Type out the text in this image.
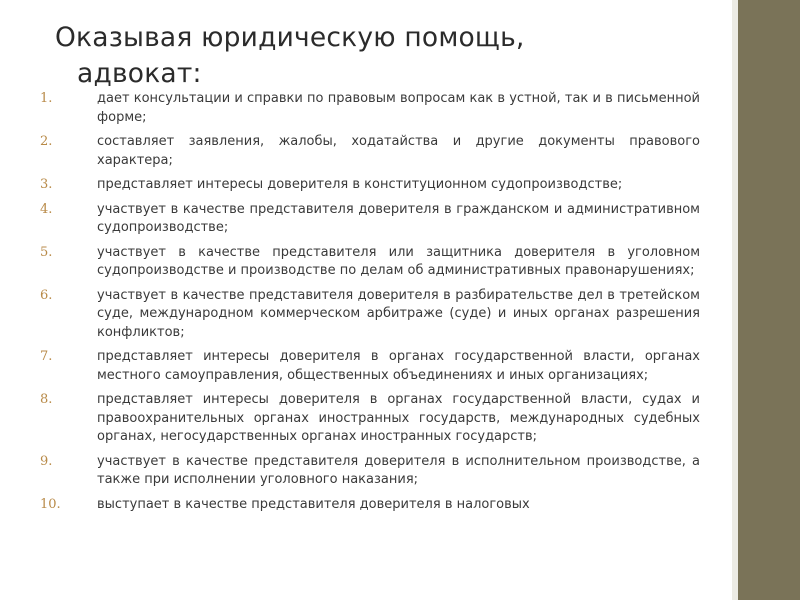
Оказывая юридическую помощь,
адвокат:
1.	дает консультации и справки по правовым вопросам как в устной, так и в письменной форме;
2.	составляет заявления, жалобы, ходатайства и другие документы правового характера;
3.	представляет интересы доверителя в конституционном судопроизводстве;
4.	участвует в качестве представителя доверителя в гражданском и административном судопроизводстве;
5.	участвует в качестве представителя или защитника доверителя в уголовном судопроизводстве и производстве по делам об административных правонарушениях;
6.	участвует в качестве представителя доверителя в разбирательстве дел в третейском суде, международном коммерческом арбитраже (суде) и иных органах разрешения конфликтов;
7.	представляет интересы доверителя в органах государственной власти, органах местного самоуправления, общественных объединениях и иных организациях;
8.	представляет интересы доверителя в органах государственной власти, судах и правоохранительных органах иностранных государств, международных судебных органах, негосударственных органах иностранных государств;
9.	участвует в качестве представителя доверителя в исполнительном производстве, а также при исполнении уголовного наказания;
10.	выступает в качестве представителя доверителя в налоговых
